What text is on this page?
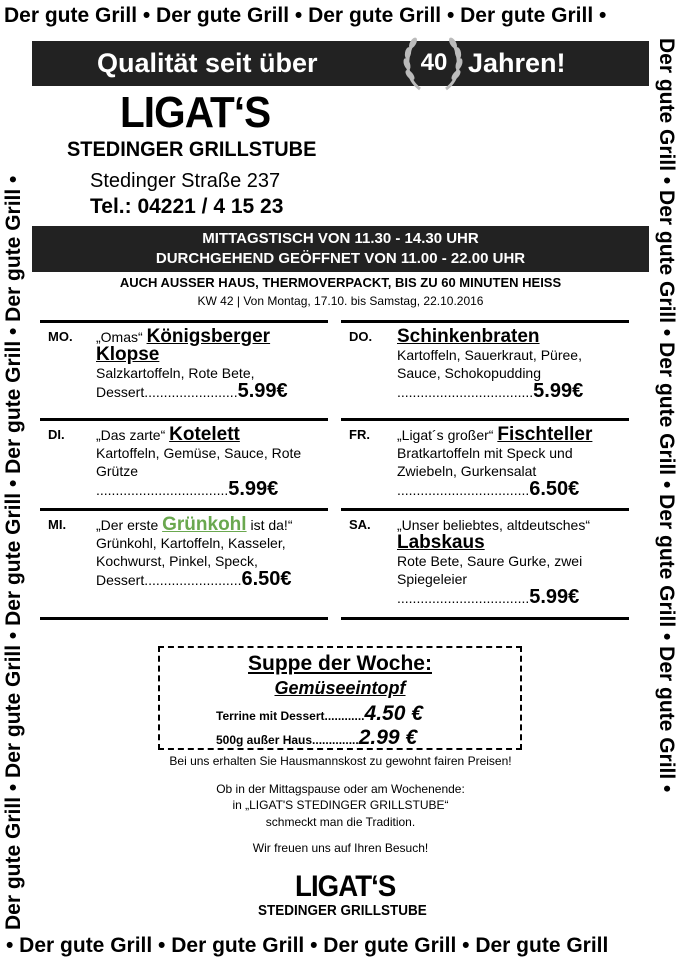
Der gute Grill • Der gute Grill • Der gute Grill • Der gute Grill •
• Der gute Grill • Der gute Grill • Der gute Grill • Der gute Grill
Der gute Grill • Der gute Grill • Der gute Grill • Der gute Grill • Der gute Grill •	Der gute Grill • Der gute Grill • Der gute Grill • Der gute Grill • Der gute Grill •
Qualität seit über	40 Jahren!
LIGAT‘S
STEDINGER GRILLSTUBE
Stedinger Straße 237
Tel.: 04221 / 4 15 23
MITTAGSTISCH VON 11.30 - 14.30 UHR
DURCHGEHEND GEÖFFNET VON 11.00 - 22.00 UHR
AUCH AUSSER HAUS, THERMOVERPACKT, BIS ZU 60 MINUTEN HEISS
KW 42 | Von Montag, 17.10. bis Samstag, 22.10.2016
MO. „Omas“ Königsberger Klopse
Salzkartoffeln, Rote Bete, Dessert........................5.99€
DI. „Das zarte“ Kotelett
Kartoffeln, Gemüse, Sauce, Rote Grütze
..................................5.99€
MI. „Der erste Grünkohl ist da!“
Grünkohl, Kartoffeln, Kasseler, Kochwurst, Pinkel, Speck, Dessert.........................6.50€
DO. Schinkenbraten
Kartoffeln, Sauerkraut, Püree, Sauce, Schokopudding
...................................5.99€
FR. „Ligat´s großer“ Fischteller
Bratkartoffeln mit Speck und Zwiebeln, Gurkensalat
..................................6.50€
SA. „Unser beliebtes, altdeutsches“
Labskaus
Rote Bete, Saure Gurke, zwei Spiegeleier
..................................5.99€
Suppe der Woche:
Gemüseeintopf
Terrine mit Dessert............4.50 €
500g außer Haus..............2.99 €
Bei uns erhalten Sie Hausmannskost zu gewohnt fairen Preisen!
Ob in der Mittagspause oder am Wochenende:
in „LIGAT'S STEDINGER GRILLSTUBE“
schmeckt man die Tradition.
Wir freuen uns auf Ihren Besuch!
LIGAT‘S
STEDINGER GRILLSTUBE
